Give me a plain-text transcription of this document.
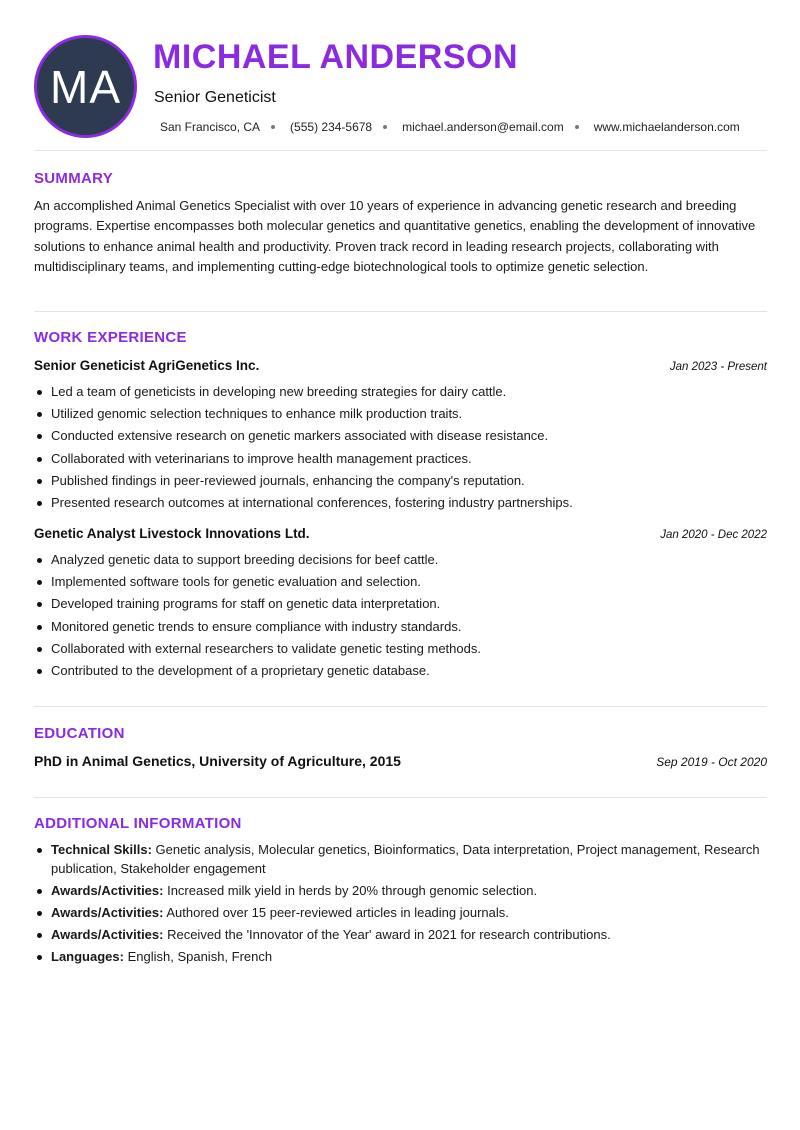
MA
MICHAEL ANDERSON
Senior Geneticist
San Francisco, CA	(555) 234-5678	michael.anderson@email.com	www.michaelanderson.com
SUMMARY

An accomplished Animal Genetics Specialist with over 10 years of experience in advancing genetic research and breeding programs. Expertise encompasses both molecular genetics and quantitative genetics, enabling the development of innovative solutions to enhance animal health and productivity. Proven track record in leading research projects, collaborating with multidisciplinary teams, and implementing cutting-edge biotechnological tools to optimize genetic selection.

WORK EXPERIENCE
Senior Geneticist AgriGenetics Inc.	Jan 2023 - Present
Led a team of geneticists in developing new breeding strategies for dairy cattle.
Utilized genomic selection techniques to enhance milk production traits.
Conducted extensive research on genetic markers associated with disease resistance.
Collaborated with veterinarians to improve health management practices.
Published findings in peer-reviewed journals, enhancing the company's reputation.
Presented research outcomes at international conferences, fostering industry partnerships.
Genetic Analyst Livestock Innovations Ltd.	Jan 2020 - Dec 2022
Analyzed genetic data to support breeding decisions for beef cattle.
Implemented software tools for genetic evaluation and selection.
Developed training programs for staff on genetic data interpretation.
Monitored genetic trends to ensure compliance with industry standards.
Collaborated with external researchers to validate genetic testing methods.
Contributed to the development of a proprietary genetic database.
EDUCATION
PhD in Animal Genetics, University of Agriculture, 2015	Sep 2019 - Oct 2020
ADDITIONAL INFORMATION
Technical Skills: Genetic analysis, Molecular genetics, Bioinformatics, Data interpretation, Project management, Research publication, Stakeholder engagement
Awards/Activities: Increased milk yield in herds by 20% through genomic selection.
Awards/Activities: Authored over 15 peer-reviewed articles in leading journals.
Awards/Activities: Received the 'Innovator of the Year' award in 2021 for research contributions.
Languages: English, Spanish, French
